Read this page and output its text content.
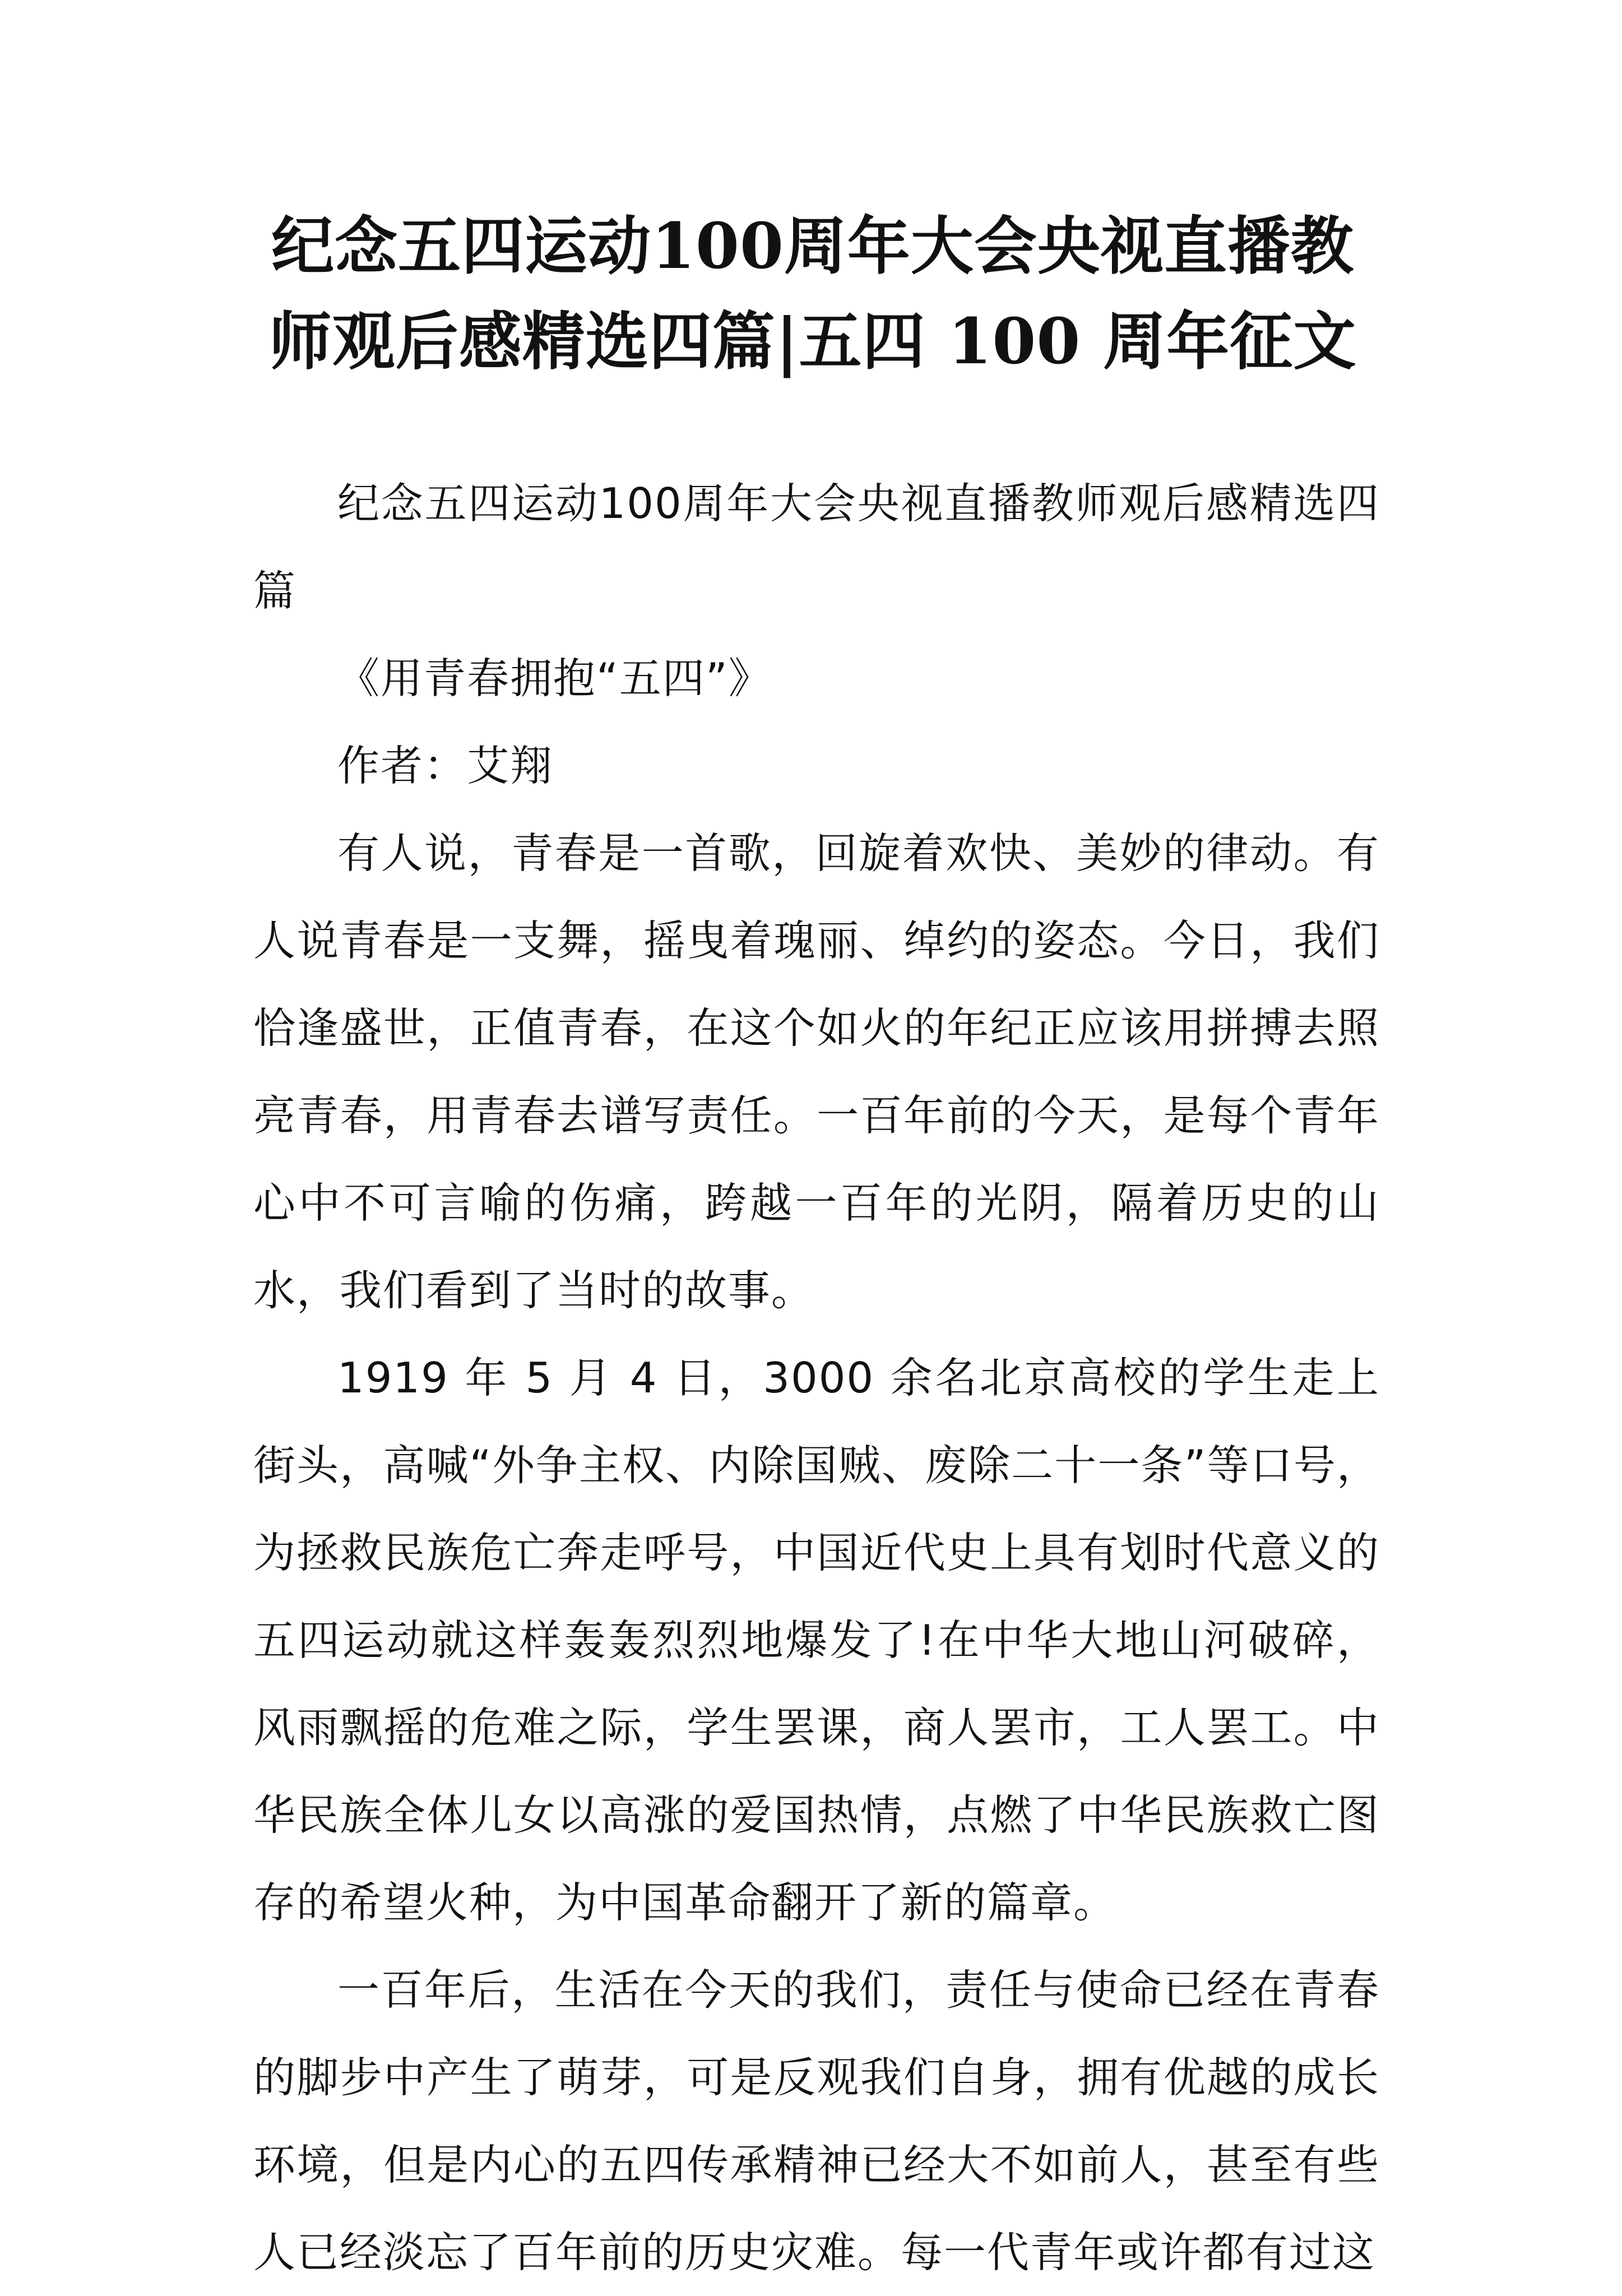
纪念五四运动100周年大会央视直播教师观后感精选四篇|五四 100 周年征文

纪念五四运动100周年大会央视直播教师观后感精选四篇

《用青春拥抱“五四”》

作者：艾翔

有人说，青春是一首歌，回旋着欢快、美妙的律动。有人说青春是一支舞，摇曳着瑰丽、绰约的姿态。今日，我们恰逢盛世，正值青春，在这个如火的年纪正应该用拼搏去照亮青春，用青春去谱写责任。一百年前的今天，是每个青年心中不可言喻的伤痛，跨越一百年的光阴，隔着历史的山水，我们看到了当时的故事。

1919 年 5 月 4 日，3000 余名北京高校的学生走上街头，高喊“外争主权、内除国贼、废除二十一条”等口号，为拯救民族危亡奔走呼号，中国近代史上具有划时代意义的五四运动就这样轰轰烈烈地爆发了!在中华大地山河破碎，风雨飘摇的危难之际，学生罢课，商人罢市，工人罢工。中华民族全体儿女以高涨的爱国热情，点燃了中华民族救亡图存的希望火种，为中国革命翻开了新的篇章。

一百年后，生活在今天的我们，责任与使命已经在青春的脚步中产生了萌芽，可是反观我们自身，拥有优越的成长环境，但是内心的五四传承精神已经大不如前人，甚至有些人已经淡忘了百年前的历史灾难。每一代青年或许都有过这
